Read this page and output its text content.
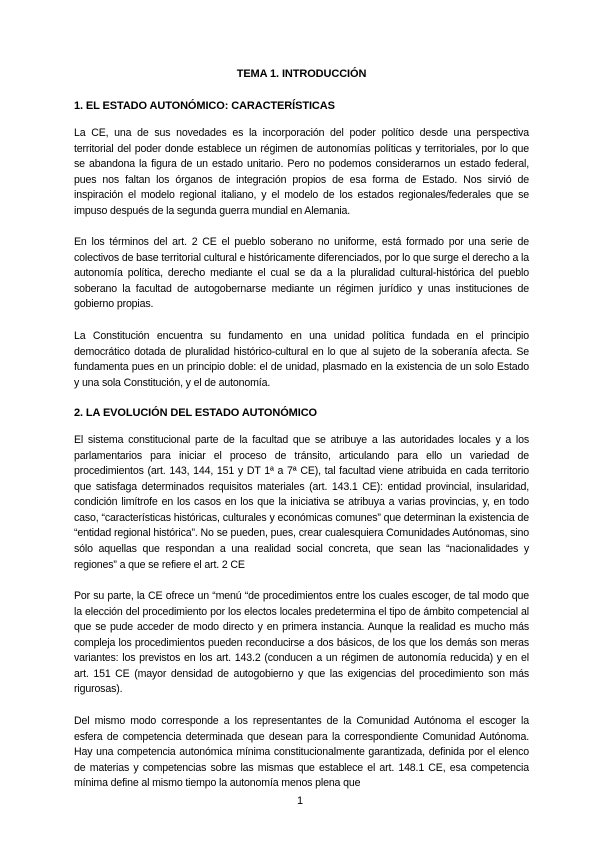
TEMA 1. INTRODUCCIÓN
1. EL ESTADO AUTONÓMICO: CARACTERÍSTICAS

La CE, una de sus novedades es la incorporación del poder político desde una perspectiva territorial del poder donde establece un régimen de autonomías políticas y territoriales, por lo que se abandona la figura de un estado unitario. Pero no podemos considerarnos un estado federal, pues nos faltan los órganos de integración propios de esa forma de Estado. Nos sirvió de inspiración el modelo regional italiano, y el modelo de los estados regionales/federales que se impuso después de la segunda guerra mundial en Alemania.

En los términos del art. 2 CE el pueblo soberano no uniforme, está formado por una serie de colectivos de base territorial cultural e históricamente diferenciados, por lo que surge el derecho a la autonomía política, derecho mediante el cual se da a la pluralidad cultural-histórica del pueblo soberano la facultad de autogobernarse mediante un régimen jurídico y unas instituciones de gobierno propias.

La Constitución encuentra su fundamento en una unidad política fundada en el principio democrático dotada de pluralidad histórico-cultural en lo que al sujeto de la soberanía afecta. Se fundamenta pues en un principio doble: el de unidad, plasmado en la existencia de un solo Estado y una sola Constitución, y el de autonomía.

2. LA EVOLUCIÓN DEL ESTADO AUTONÓMICO

El sistema constitucional parte de la facultad que se atribuye a las autoridades locales y a los parlamentarios para iniciar el proceso de tránsito, articulando para ello un variedad de procedimientos (art. 143, 144, 151 y DT 1ª a 7ª CE), tal facultad viene atribuida en cada territorio que satisfaga determinados requisitos materiales (art. 143.1 CE): entidad provincial, insularidad, condición limítrofe en los casos en los que la iniciativa se atribuya a varias provincias, y, en todo caso, “características históricas, culturales y económicas comunes” que determinan la existencia de “entidad regional histórica”. No se pueden, pues, crear cualesquiera Comunidades Autónomas, sino sólo aquellas que respondan a una realidad social concreta, que sean las “nacionalidades y regiones” a que se refiere el art. 2 CE

Por su parte, la CE ofrece un “menú “de procedimientos entre los cuales escoger, de tal modo que la elección del procedimiento por los electos locales predetermina el tipo de ámbito competencial al que se pude acceder de modo directo y en primera instancia. Aunque la realidad es mucho más compleja los procedimientos pueden reconducirse a dos básicos, de los que los demás son meras variantes: los previstos en los art. 143.2 (conducen a un régimen de autonomía reducida) y en el art. 151 CE (mayor densidad de autogobierno y que las exigencias del procedimiento son más rigurosas).

Del mismo modo corresponde a los representantes de la Comunidad Autónoma el escoger la esfera de competencia determinada que desean para la correspondiente Comunidad Autónoma. Hay una competencia autonómica mínima constitucionalmente garantizada, definida por el elenco de materias y competencias sobre las mismas que establece el art. 148.1 CE, esa competencia mínima define al mismo tiempo la autonomía menos plena que

1
